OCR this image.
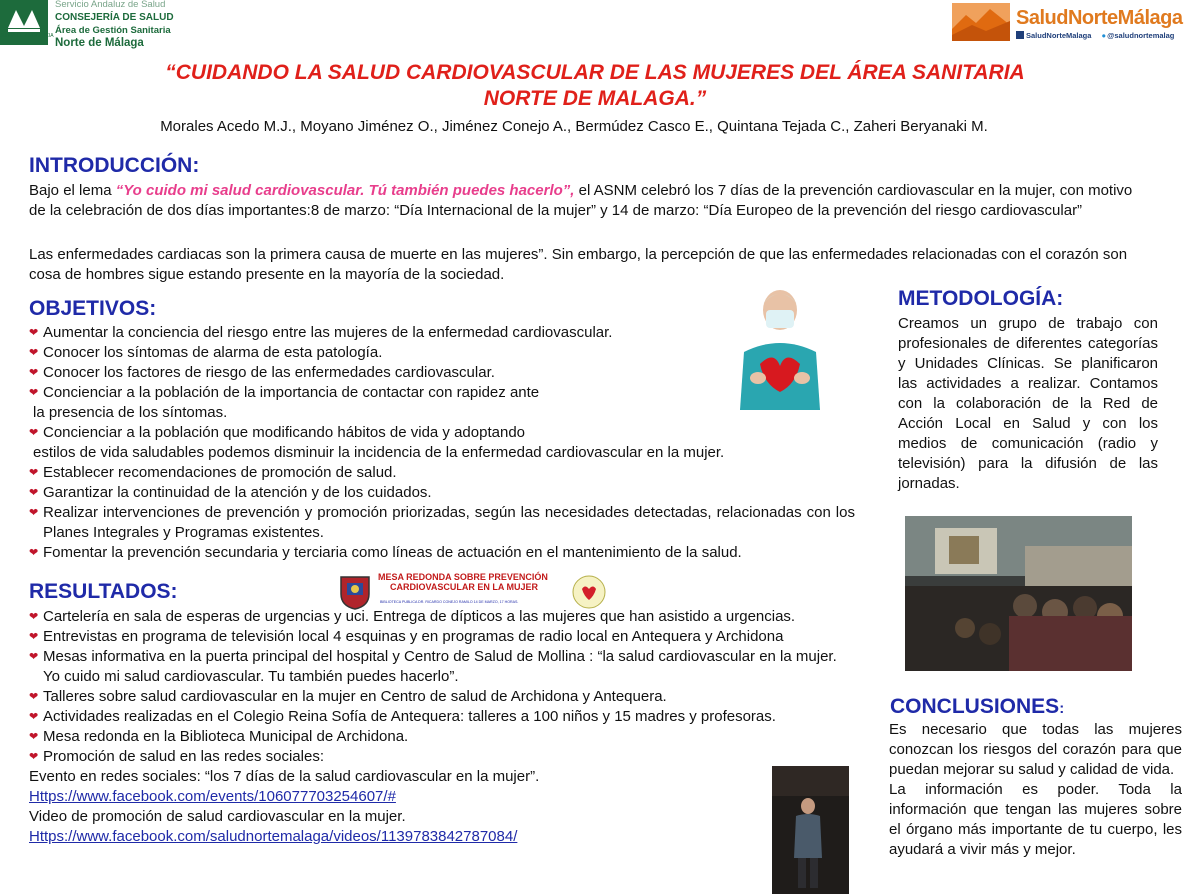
JUNTA DE ANDALUCIA
Servicio Andaluz de Salud
CONSEJERÍA DE SALUD
Área de Gestión Sanitaria
Norte de Málaga
SaludNorteMálaga
SaludNorteMalaga ●@saludnortemalag
“CUIDANDO LA SALUD CARDIOVASCULAR DE LAS MUJERES DEL ÁREA SANITARIA
NORTE DE MALAGA.”
Morales Acedo M.J., Moyano Jiménez O., Jiménez Conejo A., Bermúdez Casco E., Quintana Tejada C., Zaheri Beryanaki M.
INTRODUCCIÓN:
Bajo el lema “Yo cuido mi salud cardiovascular. Tú también puedes hacerlo”, el ASNM celebró los 7 días de la prevención cardiovascular en la mujer, con motivo de la celebración de dos días importantes:8 de marzo: “Día Internacional de la mujer” y 14 de marzo: “Día Europeo de la prevención del riesgo cardiovascular”
Las enfermedades cardiacas son la primera causa de muerte en las mujeres”. Sin embargo, la percepción de que las enfermedades relacionadas con el corazón son cosa de hombres sigue estando presente en la mayoría de la sociedad.
OBJETIVOS:
❤ Aumentar la conciencia del riesgo entre las mujeres de la enfermedad cardiovascular.
❤ Conocer los síntomas de alarma de esta patología.
❤ Conocer los factores de riesgo de las enfermedades cardiovascular.
❤ Concienciar a la población de la importancia de contactar con rapidez ante
la presencia de los síntomas.
❤ Concienciar a la población que modificando hábitos de vida y adoptando
estilos de vida saludables podemos disminuir la incidencia de la enfermedad cardiovascular en la mujer.
❤ Establecer recomendaciones de promoción de salud.
❤ Garantizar la continuidad de la atención y de los cuidados.
❤ Realizar intervenciones de prevención y promoción priorizadas, según las necesidades detectadas, relacionadas con los Planes Integrales y Programas existentes.
❤ Fomentar la prevención secundaria y terciaria como líneas de actuación en el mantenimiento de la salud.
METODOLOGÍA:
Creamos un grupo de trabajo con profesionales de diferentes categorías y Unidades Clínicas. Se planificaron las actividades a realizar. Contamos con la colaboración de la Red de Acción Local en Salud y con los medios de comunicación (radio y televisión) para la difusión de las jornadas.
RESULTADOS:
MESA REDONDA SOBRE PREVENCIÓN
CARDIOVASCULAR EN LA MUJER
BIBLIOTECA PUBLICA DR. RICARDO CONEJO RAMILO 14 DE MARZO, 17 HORAS.
❤ Cartelería en sala de esperas de urgencias y uci. Entrega de dípticos a las mujeres que han asistido a urgencias.
❤ Entrevistas en programa de televisión local 4 esquinas y en programas de radio local en Antequera y Archidona
❤ Mesas informativa en la puerta principal del hospital y Centro de Salud de Mollina : “la salud cardiovascular en la mujer. Yo cuido mi salud cardiovascular. Tu también puedes hacerlo”.
❤ Talleres sobre salud cardiovascular en la mujer en Centro de salud de Archidona y Antequera.
❤ Actividades realizadas en el Colegio Reina Sofía de Antequera: talleres a 100 niños y 15 madres y profesoras.
❤ Mesa redonda en la Biblioteca Municipal de Archidona.
❤ Promoción de salud en las redes sociales:
Evento en redes sociales: “los 7 días de la salud cardiovascular en la mujer”.
Https://www.facebook.com/events/106077703254607/#
Video de promoción de salud cardiovascular en la mujer.
Https://www.facebook.com/saludnortemalaga/videos/1139783842787084/
CONCLUSIONES:
Es necesario que todas las mujeres conozcan los riesgos del corazón para que puedan mejorar su salud y calidad de vida.
La información es poder. Toda la información que tengan las mujeres sobre el órgano más importante de tu cuerpo, les ayudará a vivir más y mejor.
